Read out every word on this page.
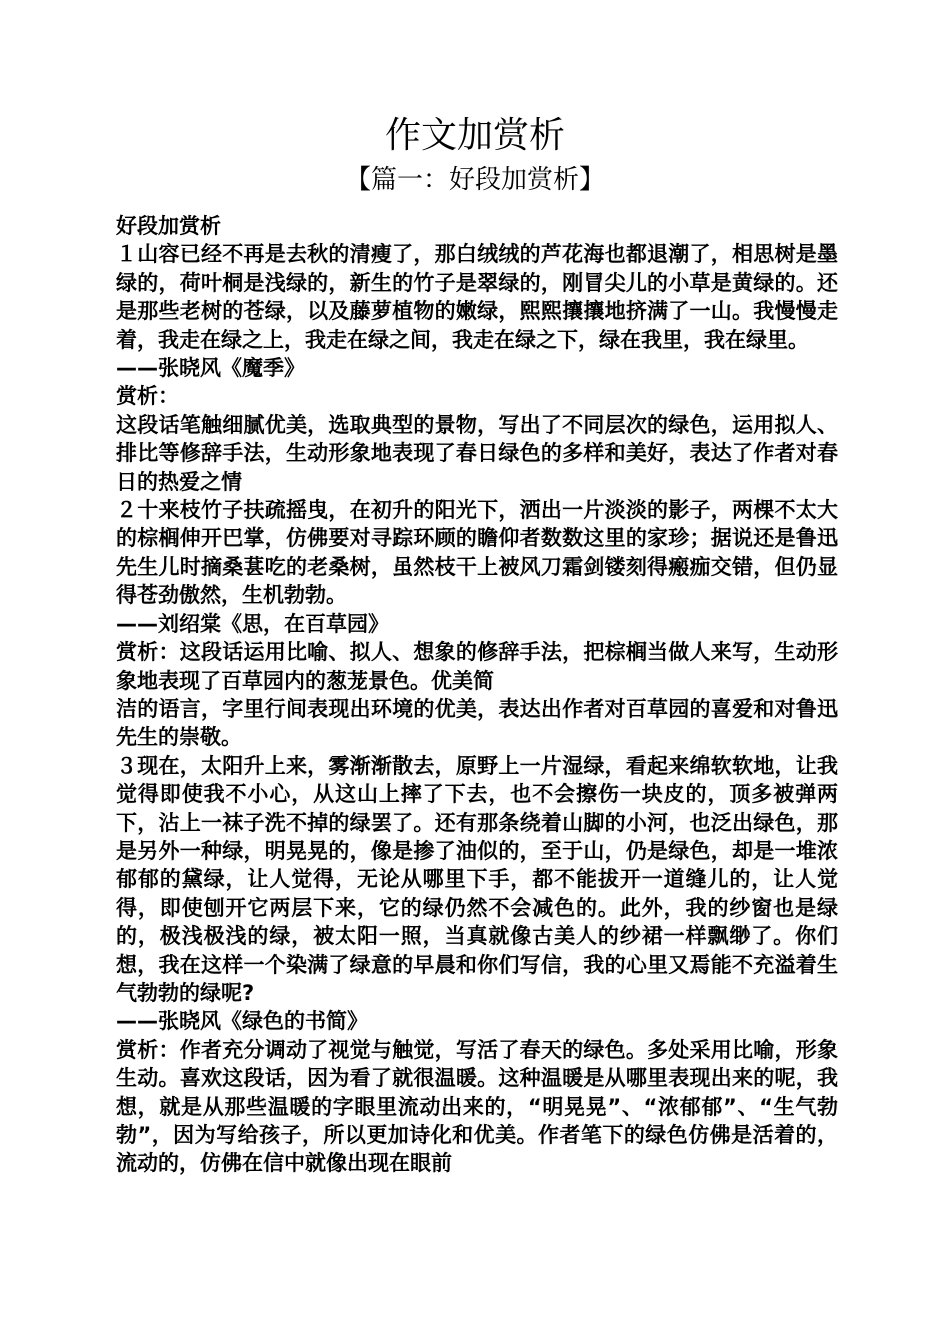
作文加赏析
【篇一：好段加赏析】

好段加赏析

１山容已经不再是去秋的清瘦了，那白绒绒的芦花海也都退潮了，相思树是墨绿的，荷叶桐是浅绿的，新生的竹子是翠绿的，刚冒尖儿的小草是黄绿的。还是那些老树的苍绿，以及藤萝植物的嫩绿，熙熙攘攘地挤满了一山。我慢慢走着，我走在绿之上，我走在绿之间，我走在绿之下，绿在我里，我在绿里。

——张晓风《魔季》

赏析：

这段话笔触细腻优美，选取典型的景物，写出了不同层次的绿色，运用拟人、排比等修辞手法，生动形象地表现了春日绿色的多样和美好，表达了作者对春日的热爱之情

２十来枝竹子扶疏摇曳，在初升的阳光下，洒出一片淡淡的影子，两棵不太大的棕榈伸开巴掌，仿佛要对寻踪环顾的瞻仰者数数这里的家珍；据说还是鲁迅先生儿时摘桑葚吃的老桑树，虽然枝干上被风刀霜剑镂刻得瘢痂交错，但仍显得苍劲傲然，生机勃勃。

——刘绍棠《思，在百草园》

赏析：这段话运用比喻、拟人、想象的修辞手法，把棕榈当做人来写，生动形象地表现了百草园内的葱茏景色。优美简

洁的语言，字里行间表现出环境的优美，表达出作者对百草园的喜爱和对鲁迅先生的崇敬。

３现在，太阳升上来，雾渐渐散去，原野上一片湿绿，看起来绵软软地，让我觉得即使我不小心，从这山上摔了下去，也不会擦伤一块皮的，顶多被弹两下，沾上一袜子洗不掉的绿罢了。还有那条绕着山脚的小河，也泛出绿色，那是另外一种绿，明晃晃的，像是掺了油似的，至于山，仍是绿色，却是一堆浓郁郁的黛绿，让人觉得，无论从哪里下手，都不能拔开一道缝儿的，让人觉得，即使刨开它两层下来，它的绿仍然不会减色的。此外，我的纱窗也是绿的，极浅极浅的绿，被太阳一照，当真就像古美人的纱裙一样飘缈了。你们想，我在这样一个染满了绿意的早晨和你们写信，我的心里又焉能不充溢着生气勃勃的绿呢?

——张晓风《绿色的书简》

赏析：作者充分调动了视觉与触觉，写活了春天的绿色。多处采用比喻，形象生动。喜欢这段话，因为看了就很温暖。这种温暖是从哪里表现出来的呢，我想，就是从那些温暖的字眼里流动出来的，“明晃晃”、“浓郁郁”、“生气勃勃”，因为写给孩子，所以更加诗化和优美。作者笔下的绿色仿佛是活着的，流动的，仿佛在信中就像出现在眼前
